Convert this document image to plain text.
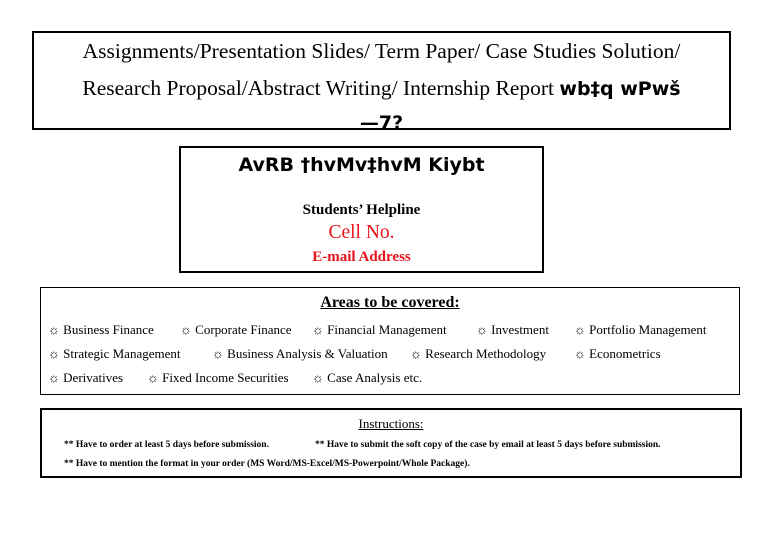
Assignments/Presentation Slides/ Term Paper/ Case Studies Solution/
Research Proposal/Abstract Writing/ Internship Report wb‡q wPwš
—7?
AvRB †hvMv‡hvM Kiybt
Students’ Helpline
Cell No.
E-mail Address
Areas to be covered:
☼ Business Finance ☼ Corporate Finance ☼ Financial Management ☼ Investment ☼ Portfolio Management
☼ Strategic Management ☼ Business Analysis & Valuation ☼ Research Methodology ☼ Econometrics
☼ Derivatives ☼ Fixed Income Securities ☼ Case Analysis etc.
Instructions:
** Have to order at least 5 days before submission.	** Have to submit the soft copy of the case by email at least 5 days before submission.
** Have to mention the format in your order (MS Word/MS-Excel/MS-Powerpoint/Whole Package).
